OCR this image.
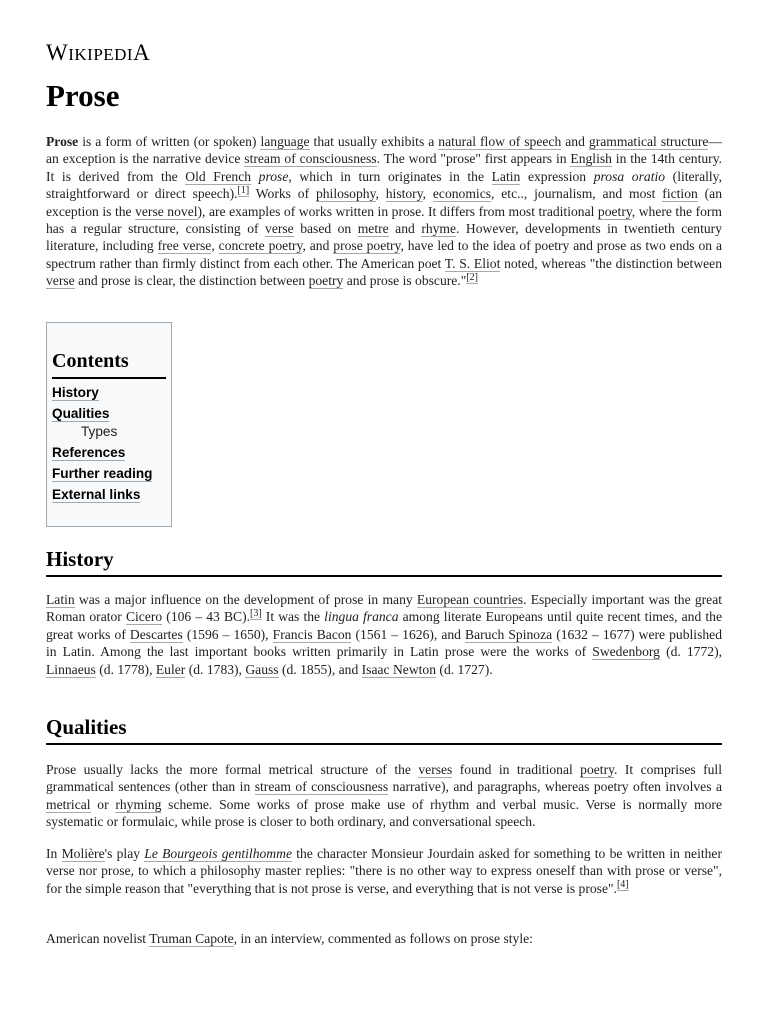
WIKIPEDIA
Prose

Prose is a form of written (or spoken) language that usually exhibits a natural flow of speech and grammatical structure—an exception is the narrative device stream of consciousness. The word "prose" first appears in English in the 14th century. It is derived from the Old French prose, which in turn originates in the Latin expression prosa oratio (literally, straightforward or direct speech).[1] Works of philosophy, history, economics, etc.., journalism, and most fiction (an exception is the verse novel), are examples of works written in prose. It differs from most traditional poetry, where the form has a regular structure, consisting of verse based on metre and rhyme. However, developments in twentieth century literature, including free verse, concrete poetry, and prose poetry, have led to the idea of poetry and prose as two ends on a spectrum rather than firmly distinct from each other. The American poet T. S. Eliot noted, whereas "the distinction between verse and prose is clear, the distinction between poetry and prose is obscure."[2]

Contents
History
Qualities
Types
References
Further reading
External links
History

Latin was a major influence on the development of prose in many European countries. Especially important was the great Roman orator Cicero (106 – 43 BC).[3] It was the lingua franca among literate Europeans until quite recent times, and the great works of Descartes (1596 – 1650), Francis Bacon (1561 – 1626), and Baruch Spinoza (1632 – 1677) were published in Latin. Among the last important books written primarily in Latin prose were the works of Swedenborg (d. 1772), Linnaeus (d. 1778), Euler (d. 1783), Gauss (d. 1855), and Isaac Newton (d. 1727).

Qualities

Prose usually lacks the more formal metrical structure of the verses found in traditional poetry. It comprises full grammatical sentences (other than in stream of consciousness narrative), and paragraphs, whereas poetry often involves a metrical or rhyming scheme. Some works of prose make use of rhythm and verbal music. Verse is normally more systematic or formulaic, while prose is closer to both ordinary, and conversational speech.

In Molière's play Le Bourgeois gentilhomme the character Monsieur Jourdain asked for something to be written in neither verse nor prose, to which a philosophy master replies: "there is no other way to express oneself than with prose or verse", for the simple reason that "everything that is not prose is verse, and everything that is not verse is prose".[4]

American novelist Truman Capote, in an interview, commented as follows on prose style:
